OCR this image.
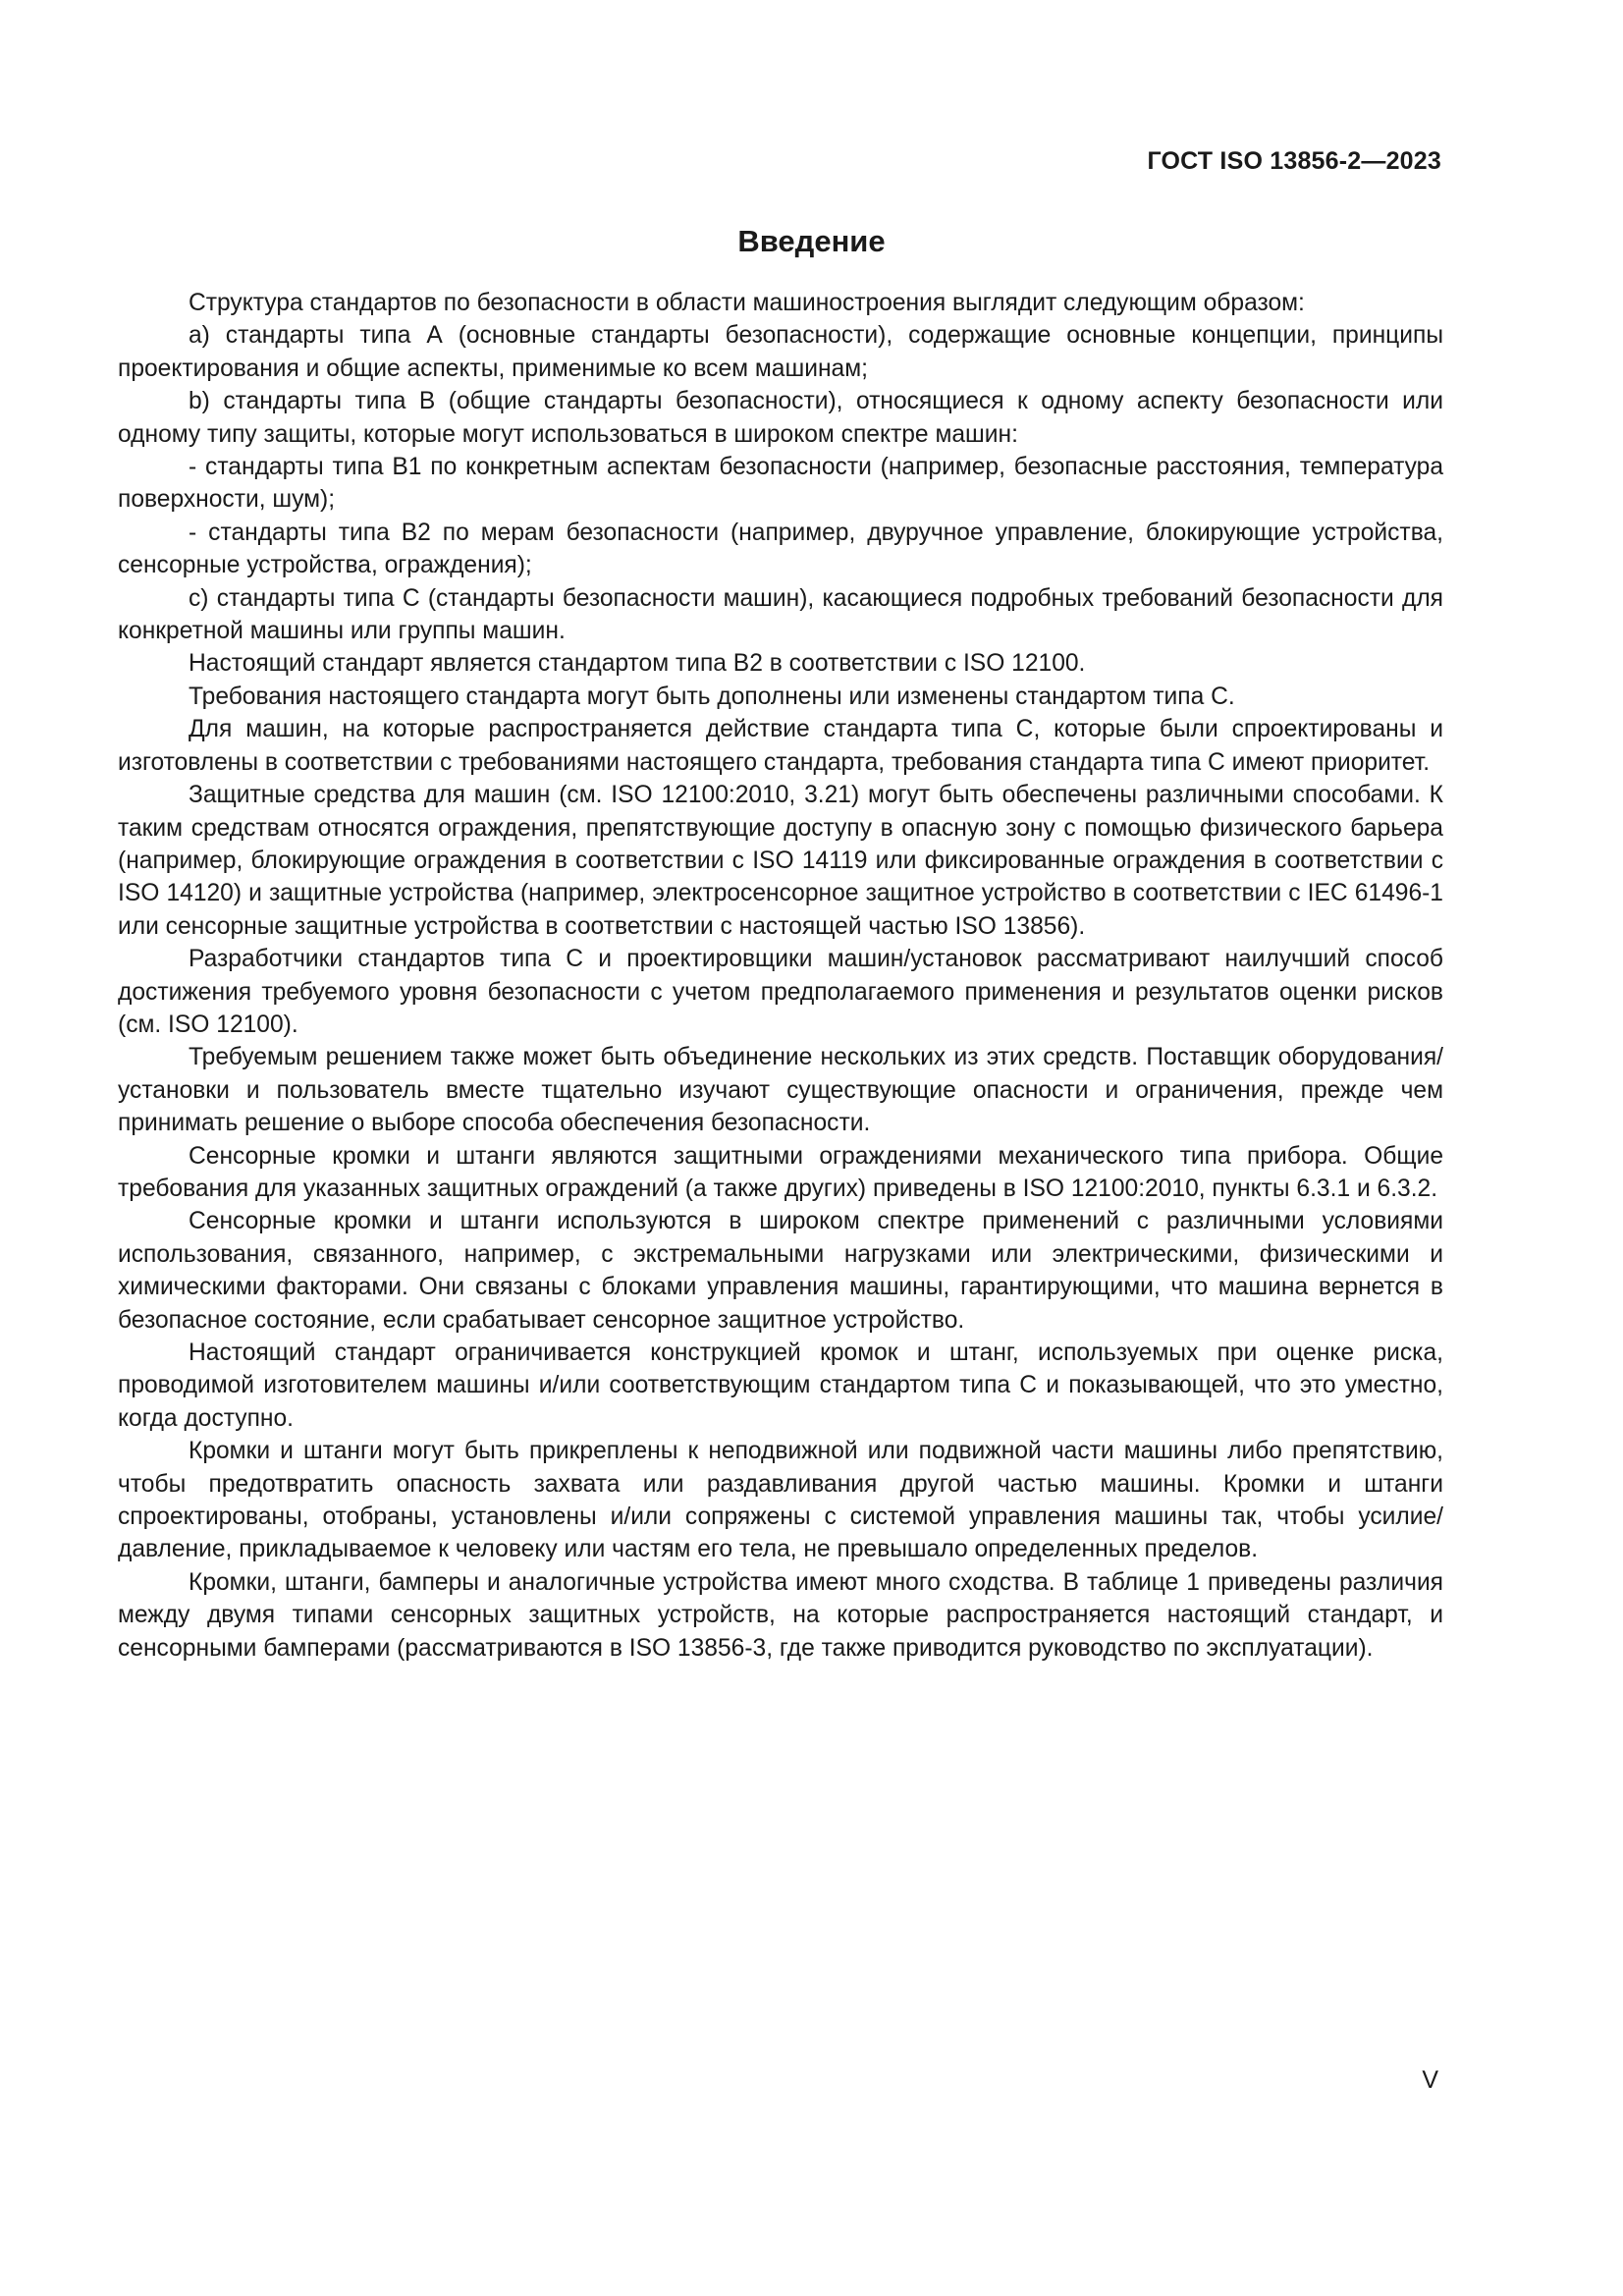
ГОСТ ISO 13856-2—2023
Введение

Структура стандартов по безопасности в области машиностроения выглядит следующим образом:

а) стандарты типа А (основные стандарты безопасности), содержащие основные концепции, принципы проектирования и общие аспекты, применимые ко всем машинам;

b) стандарты типа В (общие стандарты безопасности), относящиеся к одному аспекту безопасности или одному типу защиты, которые могут использоваться в широком спектре машин:

- стандарты типа В1 по конкретным аспектам безопасности (например, безопасные расстояния, температура поверхности, шум);

- стандарты типа В2 по мерам безопасности (например, двуручное управление, блокирующие устройства, сенсорные устройства, ограждения);

c) стандарты типа С (стандарты безопасности машин), касающиеся подробных требований безопасности для конкретной машины или группы машин.

Настоящий стандарт является стандартом типа В2 в соответствии с ISO 12100.

Требования настоящего стандарта могут быть дополнены или изменены стандартом типа С.

Для машин, на которые распространяется действие стандарта типа С, которые были спроектированы и изготовлены в соответствии с требованиями настоящего стандарта, требования стандарта типа С имеют приоритет.

Защитные средства для машин (см. ISO 12100:2010, 3.21) могут быть обеспечены различными способами. К таким средствам относятся ограждения, препятствующие доступу в опасную зону с помощью физического барьера (например, блокирующие ограждения в соответствии с ISO 14119 или фиксированные ограждения в соответствии с ISO 14120) и защитные устройства (например, электросенсорное защитное устройство в соответствии с IEC 61496-1 или сенсорные защитные устройства в соответствии с настоящей частью ISO 13856).

Разработчики стандартов типа С и проектировщики машин/установок рассматривают наилучший способ достижения требуемого уровня безопасности с учетом предполагаемого применения и результатов оценки рисков (см. ISO 12100).

Требуемым решением также может быть объединение нескольких из этих средств. Поставщик оборудования/установки и пользователь вместе тщательно изучают существующие опасности и ограничения, прежде чем принимать решение о выборе способа обеспечения безопасности.

Сенсорные кромки и штанги являются защитными ограждениями механического типа прибора. Общие требования для указанных защитных ограждений (а также других) приведены в ISO 12100:2010, пункты 6.3.1 и 6.3.2.

Сенсорные кромки и штанги используются в широком спектре применений с различными условиями использования, связанного, например, с экстремальными нагрузками или электрическими, физическими и химическими факторами. Они связаны с блоками управления машины, гарантирующими, что машина вернется в безопасное состояние, если срабатывает сенсорное защитное устройство.

Настоящий стандарт ограничивается конструкцией кромок и штанг, используемых при оценке риска, проводимой изготовителем машины и/или соответствующим стандартом типа С и показывающей, что это уместно, когда доступно.

Кромки и штанги могут быть прикреплены к неподвижной или подвижной части машины либо препятствию, чтобы предотвратить опасность захвата или раздавливания другой частью машины. Кромки и штанги спроектированы, отобраны, установлены и/или сопряжены с системой управления машины так, чтобы усилие/давление, прикладываемое к человеку или частям его тела, не превышало определенных пределов.

Кромки, штанги, бамперы и аналогичные устройства имеют много сходства. В таблице 1 приведены различия между двумя типами сенсорных защитных устройств, на которые распространяется настоящий стандарт, и сенсорными бамперами (рассматриваются в ISO 13856-3, где также приводится руководство по эксплуатации).

V
